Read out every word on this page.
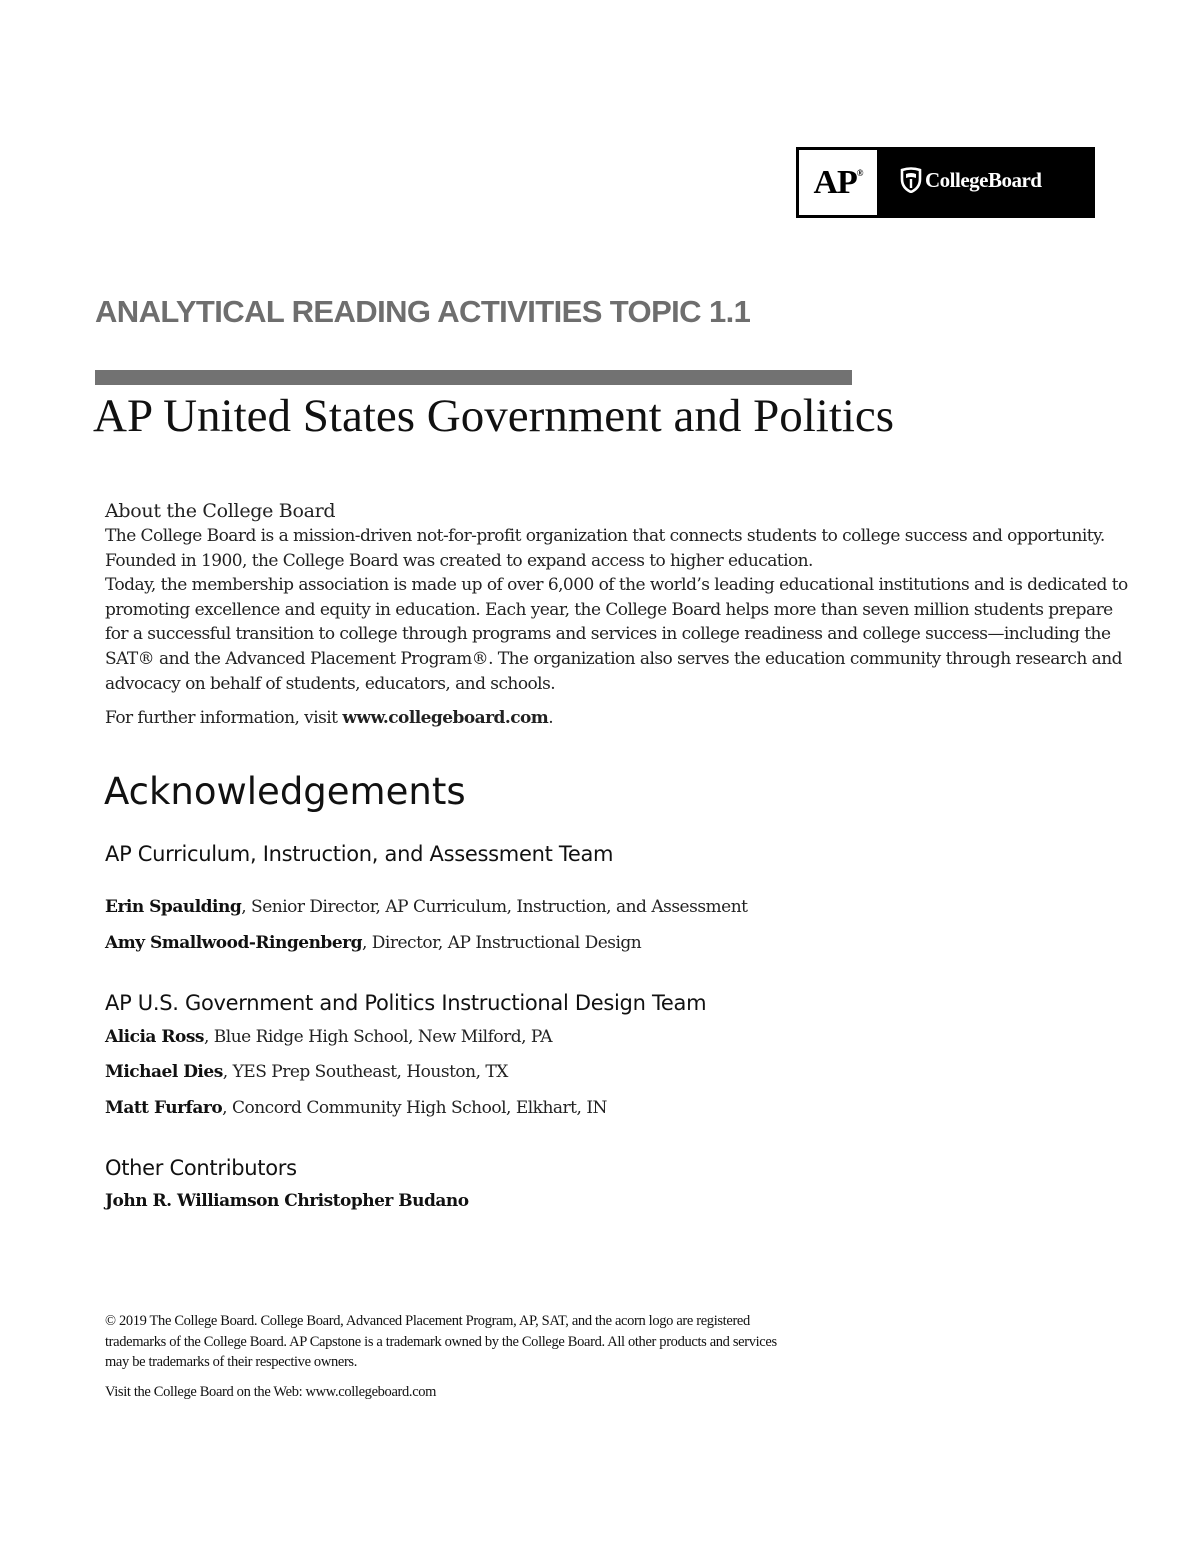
AP®	CollegeBoard
ANALYTICAL READING ACTIVITIES TOPIC 1.1
AP United States Government and Politics

About the College Board

The College Board is a mission-driven not-for-profit organization that connects students to college success and opportunity. Founded in 1900, the College Board was created to expand access to higher education.

Today, the membership association is made up of over 6,000 of the world’s leading educational institutions and is dedicated to promoting excellence and equity in education. Each year, the College Board helps more than seven million students prepare for a successful transition to college through programs and services in college readiness and college success—including the SAT® and the Advanced Placement Program®. The organization also serves the education community through research and advocacy on behalf of students, educators, and schools.

For further information, visit www.collegeboard.com.

Acknowledgements
AP Curriculum, Instruction, and Assessment Team
Erin Spaulding, Senior Director, AP Curriculum, Instruction, and Assessment
Amy Smallwood-Ringenberg, Director, AP Instructional Design
AP U.S. Government and Politics Instructional Design Team
Alicia Ross, Blue Ridge High School, New Milford, PA
Michael Dies, YES Prep Southeast, Houston, TX
Matt Furfaro, Concord Community High School, Elkhart, IN
Other Contributors
John R. Williamson Christopher Budano

© 2019 The College Board. College Board, Advanced Placement Program, AP, SAT, and the acorn logo are registered trademarks of the College Board. AP Capstone is a trademark owned by the College Board. All other products and services may be trademarks of their respective owners.

Visit the College Board on the Web: www.collegeboard.com
